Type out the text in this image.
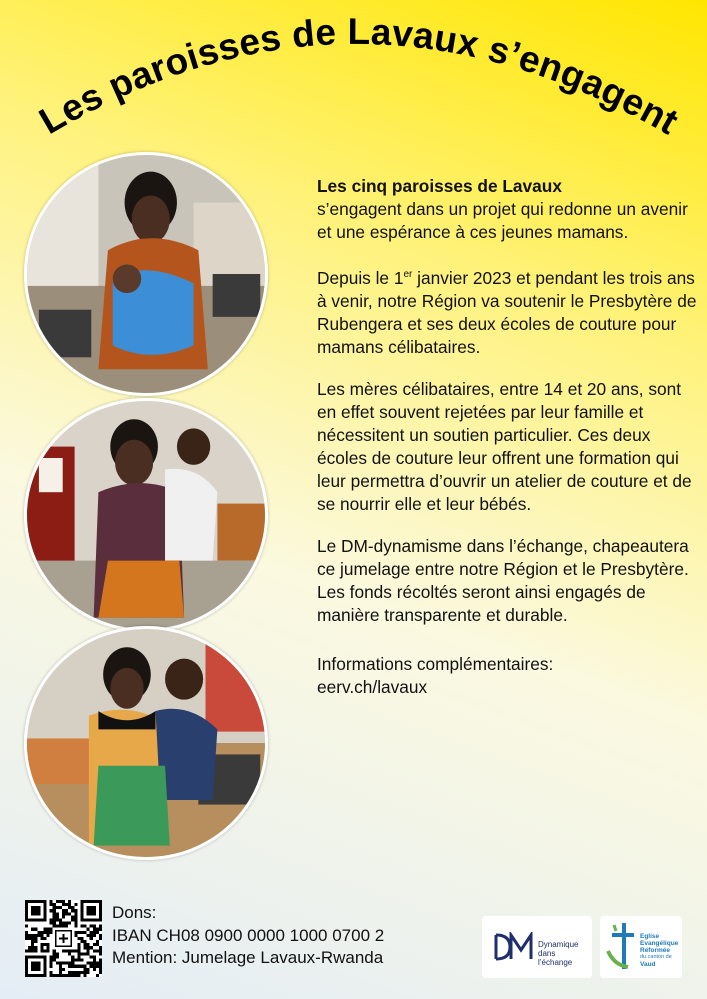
Les paroisses de Lavaux s’engagent

Les cinq paroisses de Lavaux
s’engagent dans un projet qui redonne un avenir et une espérance à ces jeunes mamans.

Depuis le 1er janvier 2023 et pendant les trois ans à venir, notre Région va soutenir le Presbytère de Rubengera et ses deux écoles de couture pour mamans célibataires.

Les mères célibataires, entre 14 et 20 ans, sont en effet souvent rejetées par leur famille et nécessitent un soutien particulier. Ces deux écoles de couture leur offrent une formation qui leur permettra d’ouvrir un atelier de couture et de se nourrir elle et leur bébés.

Le DM-dynamisme dans l’échange, chapeautera ce jumelage entre notre Région et le Presbytère.
Les fonds récoltés seront ainsi engagés de manière transparente et durable.

Informations complémentaires:
eerv.ch/lavaux

Dons:
IBAN CH08 0900 0000 1000 0700 2
Mention: Jumelage Lavaux-Rwanda
Dynamique
dans
l’échange
Eglise
Evangélique
Réformée
du canton de
Vaud
